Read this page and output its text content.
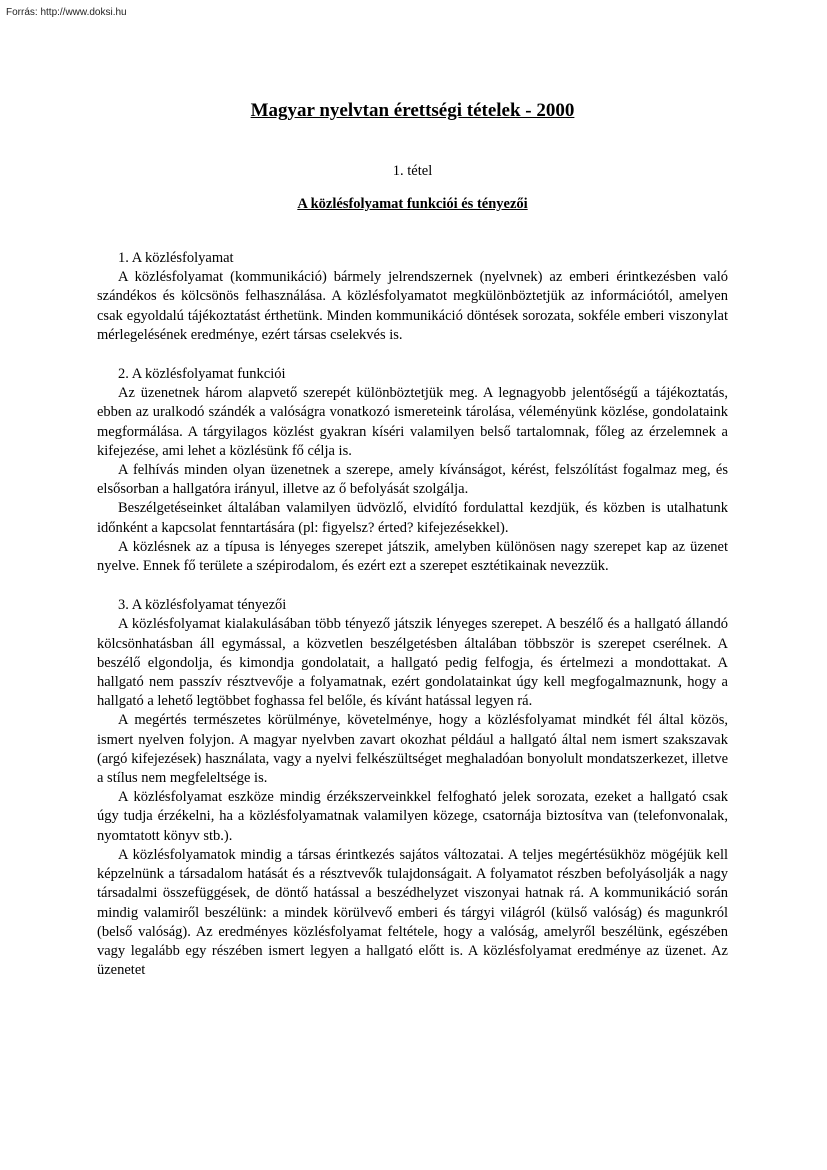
Forrás: http://www.doksi.hu
Magyar nyelvtan érettségi tételek - 2000
1. tétel
A közlésfolyamat funkciói és tényezői

1. A közlésfolyamat

A közlésfolyamat (kommunikáció) bármely jelrendszernek (nyelvnek) az emberi érintkezésben való szándékos és kölcsönös felhasználása. A közlésfolyamatot megkülönböztetjük az információtól, amelyen csak egyoldalú tájékoztatást érthetünk. Minden kommunikáció döntések sorozata, sokféle emberi viszonylat mérlegelésének eredménye, ezért társas cselekvés is.

2. A közlésfolyamat funkciói

Az üzenetnek három alapvető szerepét különböztetjük meg. A legnagyobb jelentőségű a tájékoztatás, ebben az uralkodó szándék a valóságra vonatkozó ismereteink tárolása, véleményünk közlése, gondolataink megformálása. A tárgyilagos közlést gyakran kíséri valamilyen belső tartalomnak, főleg az érzelemnek a kifejezése, ami lehet a közlésünk fő célja is.

A felhívás minden olyan üzenetnek a szerepe, amely kívánságot, kérést, felszólítást fogalmaz meg, és elsősorban a hallgatóra irányul, illetve az ő befolyását szolgálja.

Beszélgetéseinket általában valamilyen üdvözlő, elvidító fordulattal kezdjük, és közben is utalhatunk időnként a kapcsolat fenntartására (pl: figyelsz? érted? kifejezésekkel).

A közlésnek az a típusa is lényeges szerepet játszik, amelyben különösen nagy szerepet kap az üzenet nyelve. Ennek fő területe a szépirodalom, és ezért ezt a szerepet esztétikainak nevezzük.

3. A közlésfolyamat tényezői

A közlésfolyamat kialakulásában több tényező játszik lényeges szerepet. A beszélő és a hallgató állandó kölcsönhatásban áll egymással, a közvetlen beszélgetésben általában többször is szerepet cserélnek. A beszélő elgondolja, és kimondja gondolatait, a hallgató pedig felfogja, és értelmezi a mondottakat. A hallgató nem passzív résztvevője a folyamatnak, ezért gondolatainkat úgy kell megfogalmaznunk, hogy a hallgató a lehető legtöbbet foghassa fel belőle, és kívánt hatással legyen rá.

A megértés természetes körülménye, követelménye, hogy a közlésfolyamat mindkét fél által közös, ismert nyelven folyjon. A magyar nyelvben zavart okozhat például a hallgató által nem ismert szakszavak (argó kifejezések) használata, vagy a nyelvi felkészültséget meghaladóan bonyolult mondatszerkezet, illetve a stílus nem megfeleltsége is.

A közlésfolyamat eszköze mindig érzékszerveinkkel felfogható jelek sorozata, ezeket a hallgató csak úgy tudja érzékelni, ha a közlésfolyamatnak valamilyen közege, csatornája biztosítva van (telefonvonalak, nyomtatott könyv stb.).

A közlésfolyamatok mindig a társas érintkezés sajátos változatai. A teljes megértésükhöz mögéjük kell képzelnünk a társadalom hatását és a résztvevők tulajdonságait. A folyamatot részben befolyásolják a nagy társadalmi összefüggések, de döntő hatással a beszédhelyzet viszonyai hatnak rá. A kommunikáció során mindig valamiről beszélünk: a mindek körülvevő emberi és tárgyi világról (külső valóság) és magunkról (belső valóság). Az eredményes közlésfolyamat feltétele, hogy a valóság, amelyről beszélünk, egészében vagy legalább egy részében ismert legyen a hallgató előtt is. A közlésfolyamat eredménye az üzenet. Az üzenetet
